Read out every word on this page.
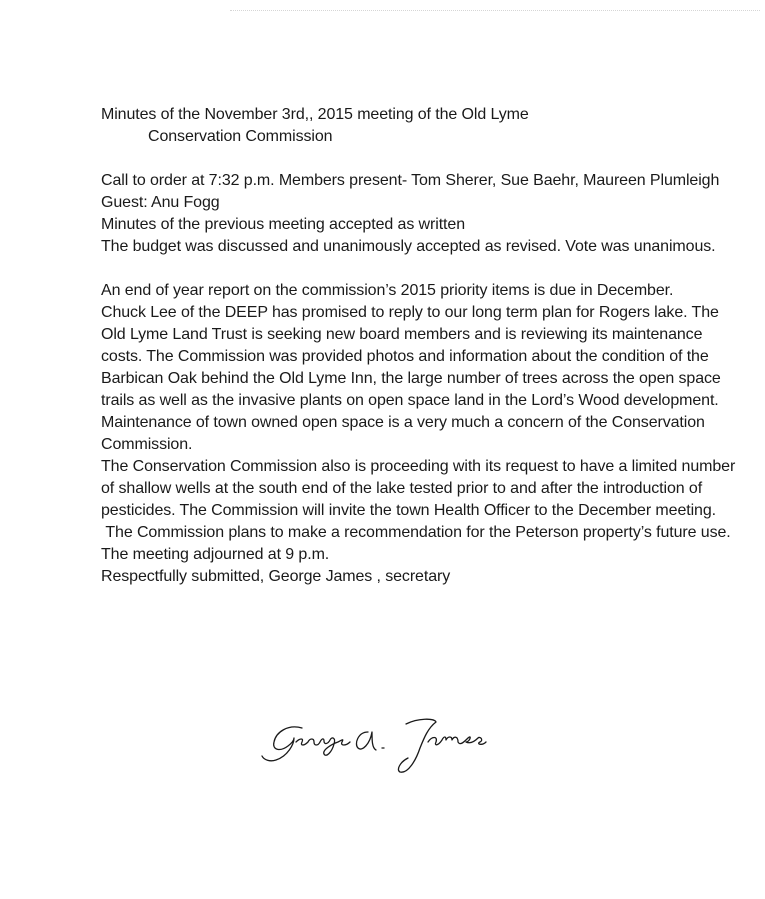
Minutes of the November 3rd,, 2015 meeting of the Old Lyme

Conservation Commission

Call to order at 7:32 p.m. Members present- Tom Sherer, Sue Baehr, Maureen Plumleigh

Guest: Anu Fogg

Minutes of the previous meeting accepted as written

The budget was discussed and unanimously accepted as revised. Vote was unanimous.

An end of year report on the commission’s 2015 priority items is due in December.

Chuck Lee of the DEEP has promised to reply to our long term plan for Rogers lake. The Old Lyme Land Trust is seeking new board members and is reviewing its maintenance costs. The Commission was provided photos and information about the condition of the Barbican Oak behind the Old Lyme Inn, the large number of trees across the open space trails as well as the invasive plants on open space land in the Lord’s Wood development. Maintenance of town owned open space is a very much a concern of the Conservation Commission.

The Conservation Commission also is proceeding with its request to have a limited number of shallow wells at the south end of the lake tested prior to and after the introduction of pesticides. The Commission will invite the town Health Officer to the December meeting.

The Commission plans to make a recommendation for the Peterson property’s future use.

The meeting adjourned at 9 p.m.

Respectfully submitted, George James , secretary
